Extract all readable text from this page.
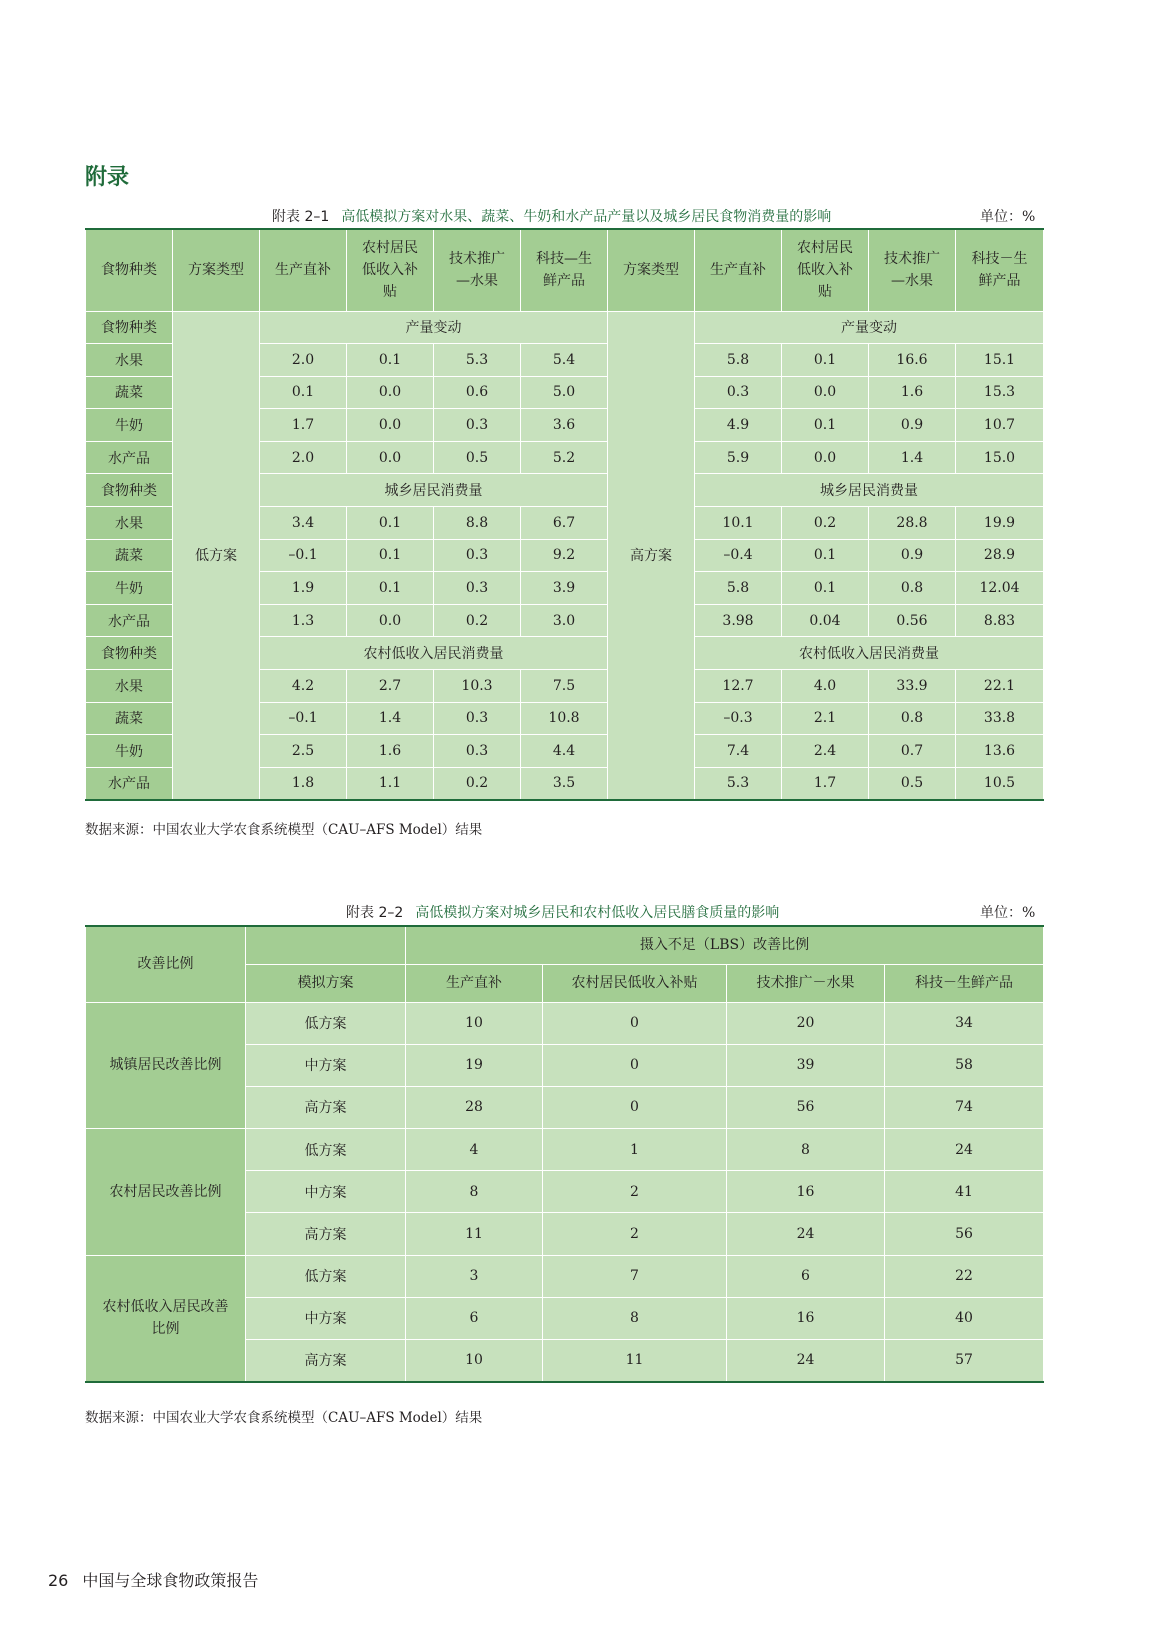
附录
附表 2–1 高低模拟方案对水果、蔬菜、牛奶和水产品产量以及城乡居民食物消费量的影响	单位：%
食物种类	方案类型	生产直补	农村居民低收入补贴	技术推广—水果	科技—生鲜产品	方案类型	生产直补	农村居民低收入补贴	技术推广—水果	科技－生鲜产品
食物种类	低方案	产量变动				高方案	产量变动			
水果		2.0	0.1	5.3	5.4		5.8	0.1	16.6	15.1
蔬菜		0.1	0.0	0.6	5.0		0.3	0.0	1.6	15.3
牛奶		1.7	0.0	0.3	3.6		4.9	0.1	0.9	10.7
水产品		2.0	0.0	0.5	5.2		5.9	0.0	1.4	15.0
食物种类		城乡居民消费量					城乡居民消费量			
水果		3.4	0.1	8.8	6.7		10.1	0.2	28.8	19.9
蔬菜		–0.1	0.1	0.3	9.2		–0.4	0.1	0.9	28.9
牛奶		1.9	0.1	0.3	3.9		5.8	0.1	0.8	12.04
水产品		1.3	0.0	0.2	3.0		3.98	0.04	0.56	8.83
食物种类		农村低收入居民消费量					农村低收入居民消费量			
水果		4.2	2.7	10.3	7.5		12.7	4.0	33.9	22.1
蔬菜		–0.1	1.4	0.3	10.8		–0.3	2.1	0.8	33.8
牛奶		2.5	1.6	0.3	4.4		7.4	2.4	0.7	13.6
水产品		1.8	1.1	0.2	3.5		5.3	1.7	0.5	10.5
数据来源：中国农业大学农食系统模型（CAU–AFS Model）结果
附表 2–2 高低模拟方案对城乡居民和农村低收入居民膳食质量的影响	单位：%
改善比例		摄入不足（LBS）改善比例			
	模拟方案	生产直补	农村居民低收入补贴	技术推广－水果	科技－生鲜产品
城镇居民改善比例	低方案	10	0	20	34
	中方案	19	0	39	58
	高方案	28	0	56	74
农村居民改善比例	低方案	4	1	8	24
	中方案	8	2	16	41
	高方案	11	2	24	56
农村低收入居民改善比例	低方案	3	7	6	22
	中方案	6	8	16	40
	高方案	10	11	24	57
数据来源：中国农业大学农食系统模型（CAU–AFS Model）结果
26 中国与全球食物政策报告
